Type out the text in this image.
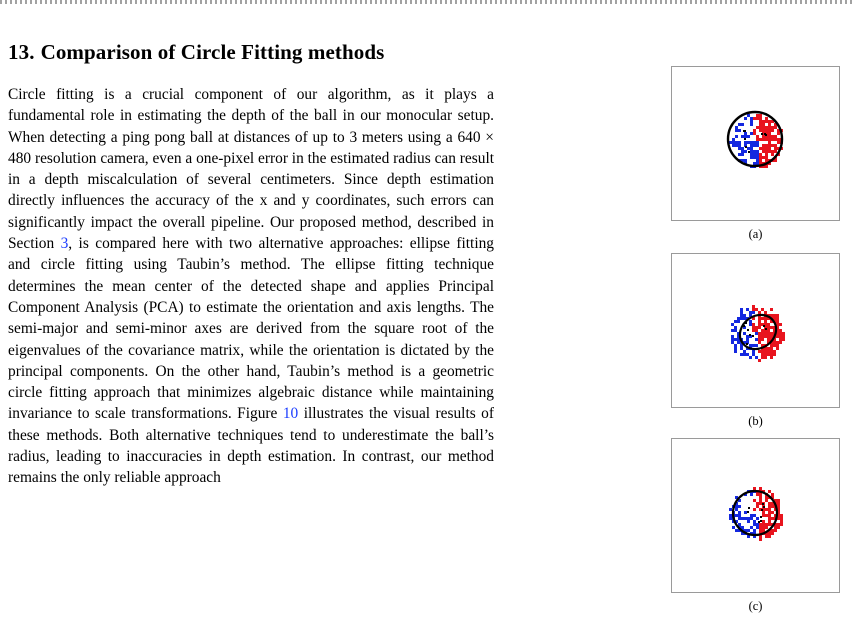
13. Comparison of Circle Fitting methods

Circle fitting is a crucial component of our algorithm, as it plays a fundamental role in estimating the depth of the ball in our monocular setup. When detecting a ping pong ball at distances of up to 3 meters using a 640 × 480 resolution camera, even a one-pixel error in the estimated radius can result in a depth miscalculation of several centimeters. Since depth estimation directly influences the accuracy of the x and y coordinates, such errors can significantly impact the overall pipeline. Our proposed method, described in Section 3, is compared here with two alternative approaches: ellipse fitting and circle fitting using Taubin’s method. The ellipse fitting technique determines the mean center of the detected shape and applies Principal Component Analysis (PCA) to estimate the orientation and axis lengths. The semi-major and semi-minor axes are derived from the square root of the eigenvalues of the covariance matrix, while the orientation is dictated by the principal components. On the other hand, Taubin’s method is a geometric circle fitting approach that minimizes algebraic distance while maintaining invariance to scale transformations. Figure 10 illustrates the visual results of these methods. Both alternative techniques tend to underestimate the ball’s radius, leading to inaccuracies in depth estimation. In contrast, our method remains the only reliable approach

(a)
(b)
(c)
